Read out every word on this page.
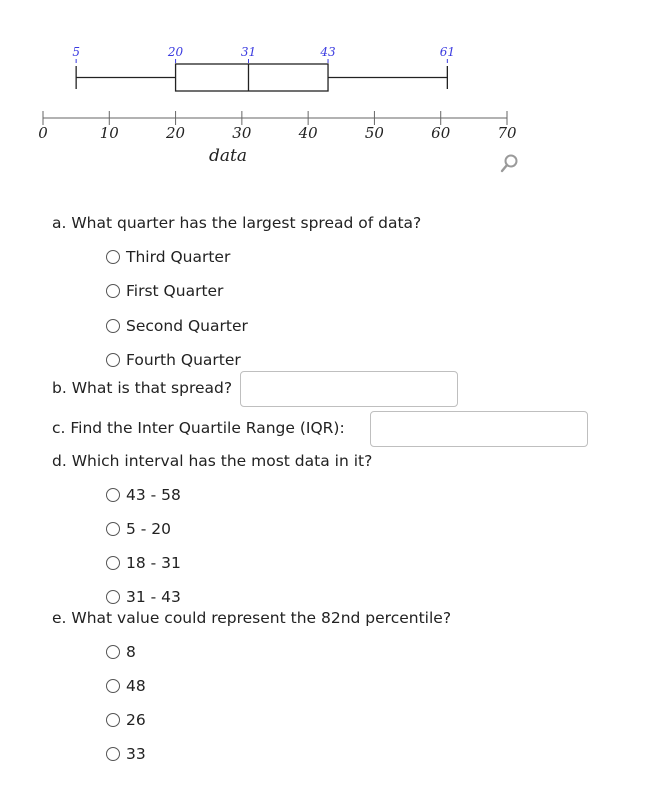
0	10	20	30	40	50	60	70
5	20	31	43	61
data
a. What quarter has the largest spread of data?
Third Quarter
First Quarter
Second Quarter
Fourth Quarter
b. What is that spread?
c. Find the Inter Quartile Range (IQR):
d. Which interval has the most data in it?
43 - 58
5 - 20
18 - 31
31 - 43
e. What value could represent the 82nd percentile?
8
48
26
33
